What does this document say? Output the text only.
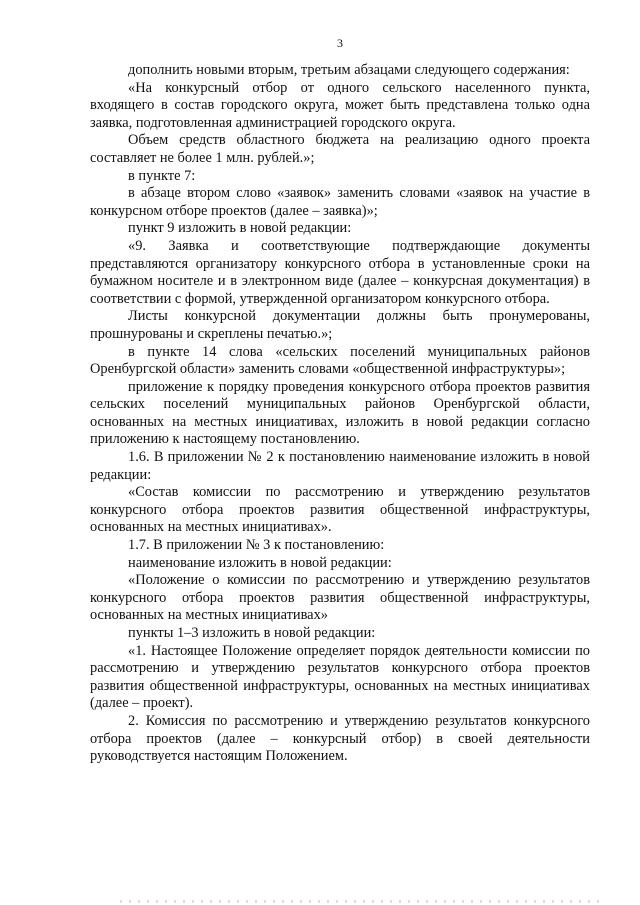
3

дополнить новыми вторым, третьим абзацами следующего содержания:

«На конкурсный отбор от одного сельского населенного пункта, входящего в состав городского округа, может быть представлена только одна заявка, подготовленная администрацией городского округа.

Объем средств областного бюджета на реализацию одного проекта составляет не более 1 млн. рублей.»;

в пункте 7:

в абзаце втором слово «заявок» заменить словами «заявок на участие в конкурсном отборе проектов (далее – заявка)»;

пункт 9 изложить в новой редакции:

«9. Заявка и соответствующие подтверждающие документы представляются организатору конкурсного отбора в установленные сроки на бумажном носителе и в электронном виде (далее – конкурсная документация) в соответствии с формой, утвержденной организатором конкурсного отбора.

Листы конкурсной документации должны быть пронумерованы, прошнурованы и скреплены печатью.»;

в пункте 14 слова «сельских поселений муниципальных районов Оренбургской области» заменить словами «общественной инфраструктуры»;

приложение к порядку проведения конкурсного отбора проектов развития сельских поселений муниципальных районов Оренбургской области, основанных на местных инициативах, изложить в новой редакции согласно приложению к настоящему постановлению.

1.6. В приложении № 2 к постановлению наименование изложить в новой редакции:

«Состав комиссии по рассмотрению и утверждению результатов конкурсного отбора проектов развития общественной инфраструктуры, основанных на местных инициативах».

1.7. В приложении № 3 к постановлению:

наименование изложить в новой редакции:

«Положение о комиссии по рассмотрению и утверждению результатов конкурсного отбора проектов развития общественной инфраструктуры, основанных на местных инициативах»

пункты 1–3 изложить в новой редакции:

«1. Настоящее Положение определяет порядок деятельности комиссии по рассмотрению и утверждению результатов конкурсного отбора проектов развития общественной инфраструктуры, основанных на местных инициативах (далее – проект).

2. Комиссия по рассмотрению и утверждению результатов конкурсного отбора проектов (далее – конкурсный отбор) в своей деятельности руководствуется настоящим Положением.
